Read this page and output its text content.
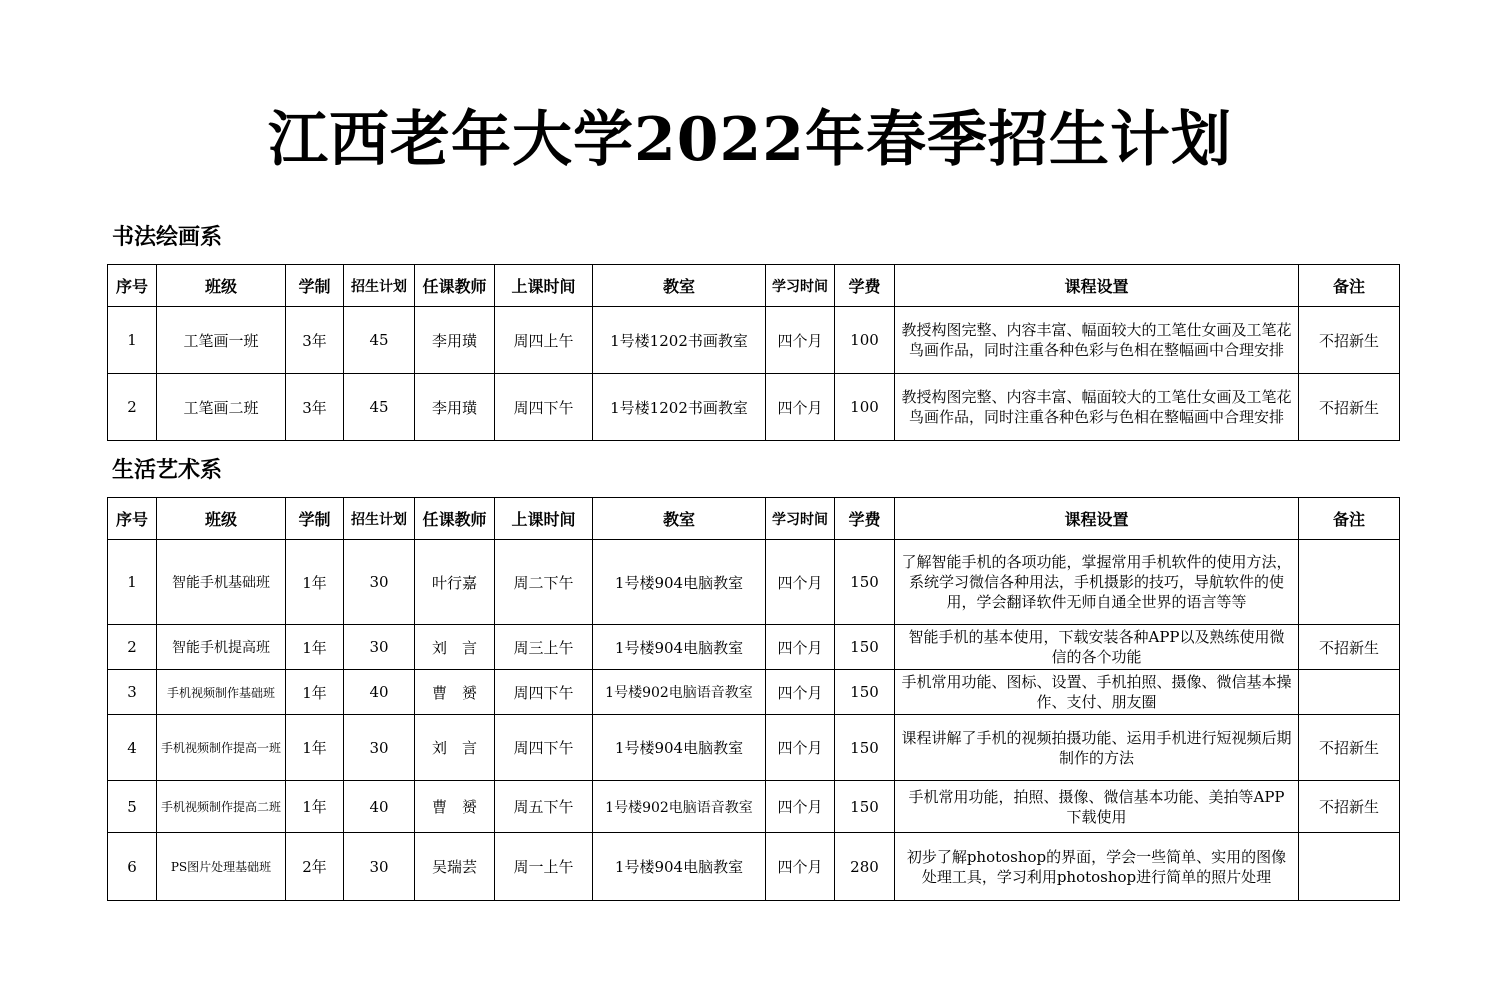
江西老年大学2022年春季招生计划
书法绘画系
序号	班级	学制	招生计划	任课教师	上课时间	教室	学习时间	学费	课程设置	备注
1	工笔画一班	3年	45	李用璜	周四上午	1号楼1202书画教室	四个月	100	教授构图完整、内容丰富、幅面较大的工笔仕女画及工笔花鸟画作品，同时注重各种色彩与色相在整幅画中合理安排	不招新生
2	工笔画二班	3年	45	李用璜	周四下午	1号楼1202书画教室	四个月	100	教授构图完整、内容丰富、幅面较大的工笔仕女画及工笔花鸟画作品，同时注重各种色彩与色相在整幅画中合理安排	不招新生
生活艺术系
序号	班级	学制	招生计划	任课教师	上课时间	教室	学习时间	学费	课程设置	备注
1	智能手机基础班	1年	30	叶行嘉	周二下午	1号楼904电脑教室	四个月	150	了解智能手机的各项功能，掌握常用手机软件的使用方法，系统学习微信各种用法，手机摄影的技巧，导航软件的使用，学会翻译软件无师自通全世界的语言等等	
2	智能手机提高班	1年	30	刘　言	周三上午	1号楼904电脑教室	四个月	150	智能手机的基本使用，下载安装各种APP以及熟练使用微信的各个功能	不招新生
3	手机视频制作基础班	1年	40	曹　赟	周四下午	1号楼902电脑语音教室	四个月	150	手机常用功能、图标、设置、手机拍照、摄像、微信基本操作、支付、朋友圈	
4	手机视频制作提高一班	1年	30	刘　言	周四下午	1号楼904电脑教室	四个月	150	课程讲解了手机的视频拍摄功能、运用手机进行短视频后期制作的方法	不招新生
5	手机视频制作提高二班	1年	40	曹　赟	周五下午	1号楼902电脑语音教室	四个月	150	手机常用功能，拍照、摄像、微信基本功能、美拍等APP下载使用	不招新生
6	PS图片处理基础班	2年	30	吴瑞芸	周一上午	1号楼904电脑教室	四个月	280	初步了解photoshop的界面，学会一些简单、实用的图像处理工具，学习利用photoshop进行简单的照片处理	
